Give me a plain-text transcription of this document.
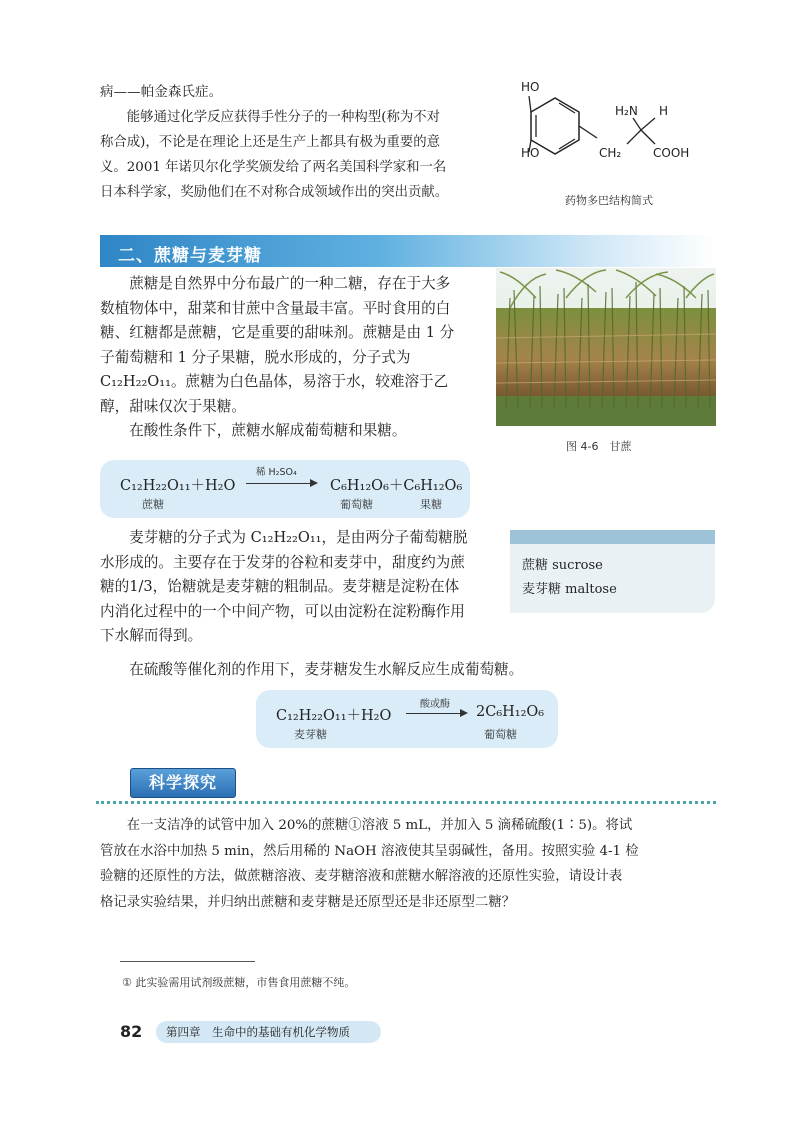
病——帕金森氏症。
能够通过化学反应获得手性分子的一种构型(称为不对
称合成)，不论是在理论上还是生产上都具有极为重要的意
义。2001 年诺贝尔化学奖颁发给了两名美国科学家和一名
日本科学家，奖励他们在不对称合成领域作出的突出贡献。
HO
HO
H₂N H
CH₂	COOH
药物多巴结构简式
二、蔗糖与麦芽糖
蔗糖是自然界中分布最广的一种二糖，存在于大多
数植物体中，甜菜和甘蔗中含量最丰富。平时食用的白
糖、红糖都是蔗糖，它是重要的甜味剂。蔗糖是由 1 分
子葡萄糖和 1 分子果糖，脱水形成的，分子式为
C₁₂H₂₂O₁₁。蔗糖为白色晶体，易溶于水，较难溶于乙
醇，甜味仅次于果糖。
在酸性条件下，蔗糖水解成葡萄糖和果糖。
图 4-6　甘蔗
C₁₂H₂₂O₁₁＋H₂O
蔗糖
稀 H₂SO₄
C₆H₁₂O₆＋C₆H₁₂O₆
葡萄糖	果糖
麦芽糖的分子式为 C₁₂H₂₂O₁₁，是由两分子葡萄糖脱
水形成的。主要存在于发芽的谷粒和麦芽中，甜度约为蔗
糖的1/3，饴糖就是麦芽糖的粗制品。麦芽糖是淀粉在体
内消化过程中的一个中间产物，可以由淀粉在淀粉酶作用
下水解而得到。
在硫酸等催化剂的作用下，麦芽糖发生水解反应生成葡萄糖。
蔗糖 sucrose
麦芽糖 maltose
C₁₂H₂₂O₁₁＋H₂O
麦芽糖
酸或酶 2C₆H₁₂O₆
葡萄糖
科学探究
在一支洁净的试管中加入 20%的蔗糖①溶液 5 mL，并加入 5 滴稀硫酸(1∶5)。将试
管放在水浴中加热 5 min，然后用稀的 NaOH 溶液使其呈弱碱性，备用。按照实验 4-1 检
验糖的还原性的方法，做蔗糖溶液、麦芽糖溶液和蔗糖水解溶液的还原性实验，请设计表
格记录实验结果，并归纳出蔗糖和麦芽糖是还原型还是非还原型二糖？
① 此实验需用试剂级蔗糖，市售食用蔗糖不纯。
82	第四章　生命中的基础有机化学物质
